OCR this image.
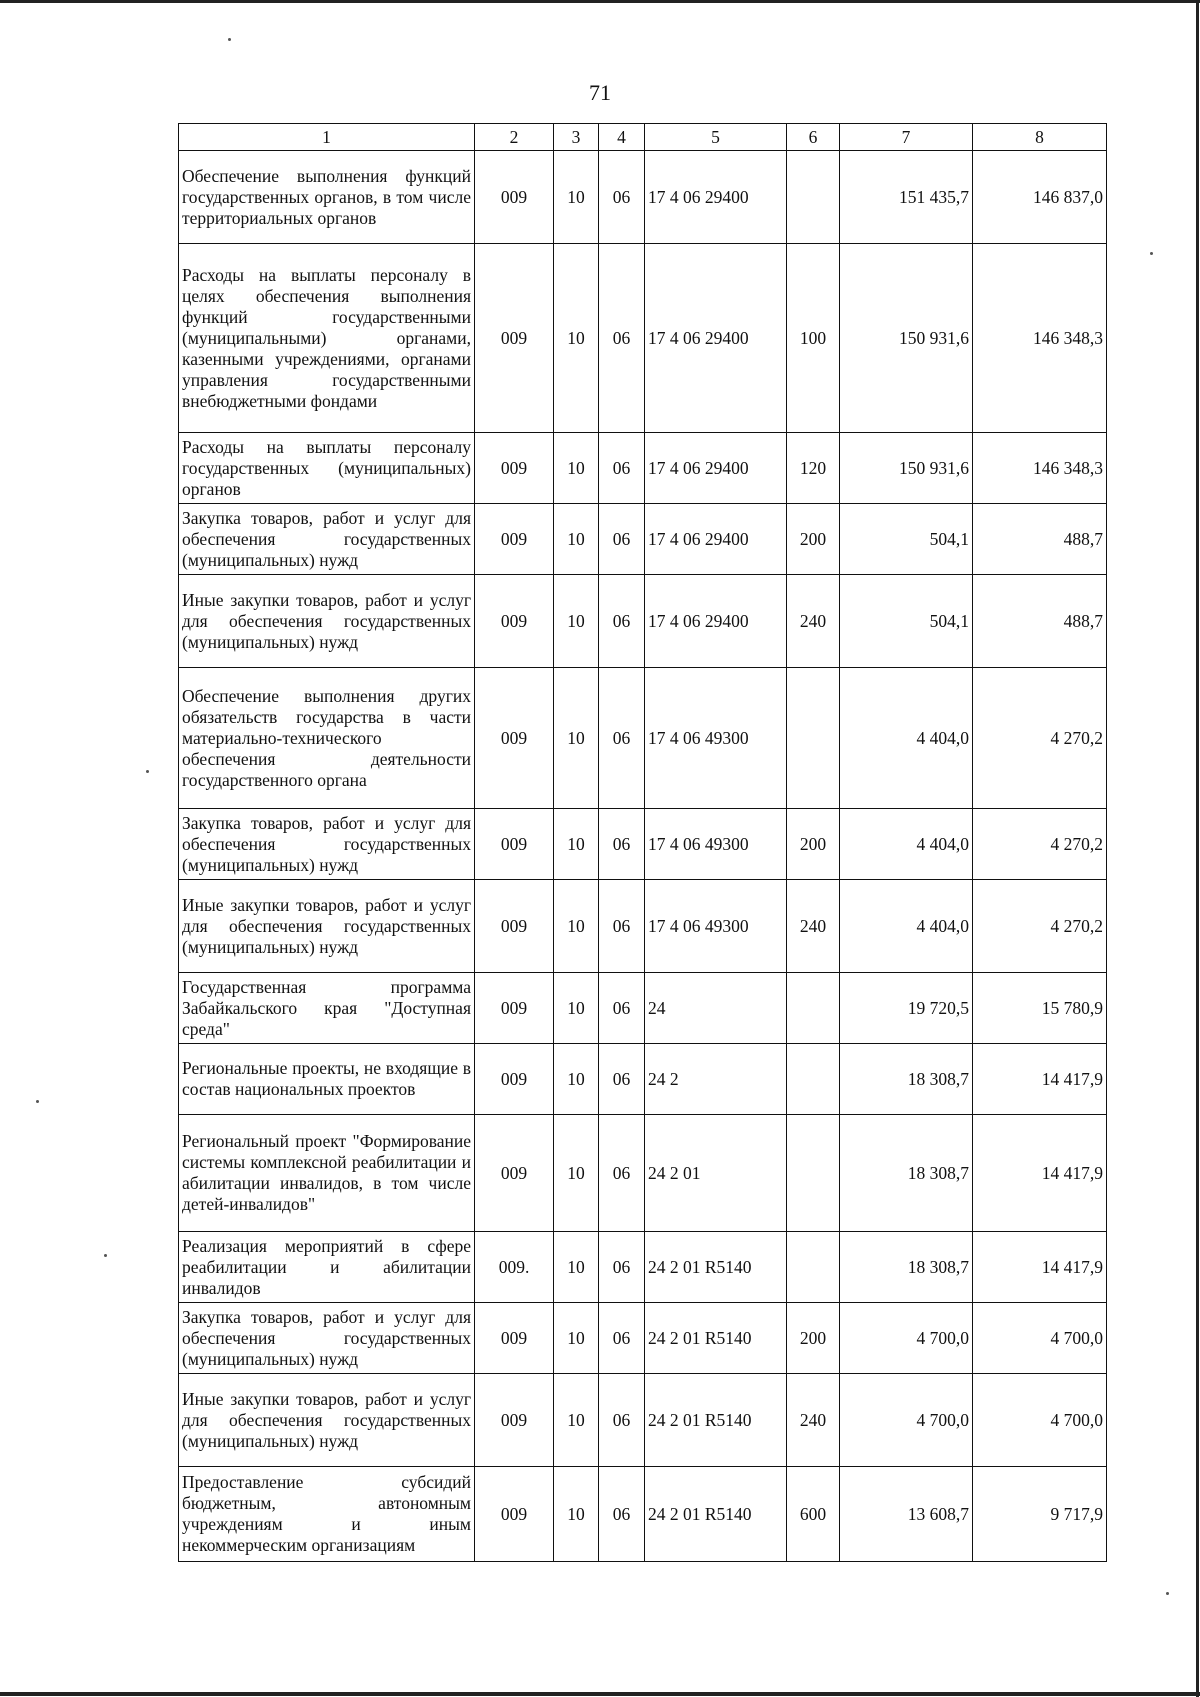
71
1	2	3	4	5	6	7	8
Обеспечение выполнения функций государственных органов, в том числе территориальных органов	009	10	06	17 4 06 29400		151 435,7	146 837,0
Расходы на выплаты персоналу в целях обеспечения выполнения функций государственными (муниципальными) органами, казенными учреждениями, органами управления государственными внебюджетными фондами	009	10	06	17 4 06 29400	100	150 931,6	146 348,3
Расходы на выплаты персоналу государственных (муниципальных) органов	009	10	06	17 4 06 29400	120	150 931,6	146 348,3
Закупка товаров, работ и услуг для обеспечения государственных (муниципальных) нужд	009	10	06	17 4 06 29400	200	504,1	488,7
Иные закупки товаров, работ и услуг для обеспечения государственных (муниципальных) нужд	009	10	06	17 4 06 29400	240	504,1	488,7
Обеспечение выполнения других обязательств государства в части материально-технического обеспечения деятельности государственного органа	009	10	06	17 4 06 49300		4 404,0	4 270,2
Закупка товаров, работ и услуг для обеспечения государственных (муниципальных) нужд	009	10	06	17 4 06 49300	200	4 404,0	4 270,2
Иные закупки товаров, работ и услуг для обеспечения государственных (муниципальных) нужд	009	10	06	17 4 06 49300	240	4 404,0	4 270,2
Государственная программа Забайкальского края "Доступная среда"	009	10	06	24		19 720,5	15 780,9
Региональные проекты, не входящие в состав национальных проектов	009	10	06	24 2		18 308,7	14 417,9
Региональный проект "Формирование системы комплексной реабилитации и абилитации инвалидов, в том числе детей-инвалидов"	009	10	06	24 2 01		18 308,7	14 417,9
Реализация мероприятий в сфере реабилитации и абилитации инвалидов	009.	10	06	24 2 01 R5140		18 308,7	14 417,9
Закупка товаров, работ и услуг для обеспечения государственных (муниципальных) нужд	009	10	06	24 2 01 R5140	200	4 700,0	4 700,0
Иные закупки товаров, работ и услуг для обеспечения государственных (муниципальных) нужд	009	10	06	24 2 01 R5140	240	4 700,0	4 700,0
Предоставление субсидий бюджетным, автономным учреждениям и иным некоммерческим организациям	009	10	06	24 2 01 R5140	600	13 608,7	9 717,9
